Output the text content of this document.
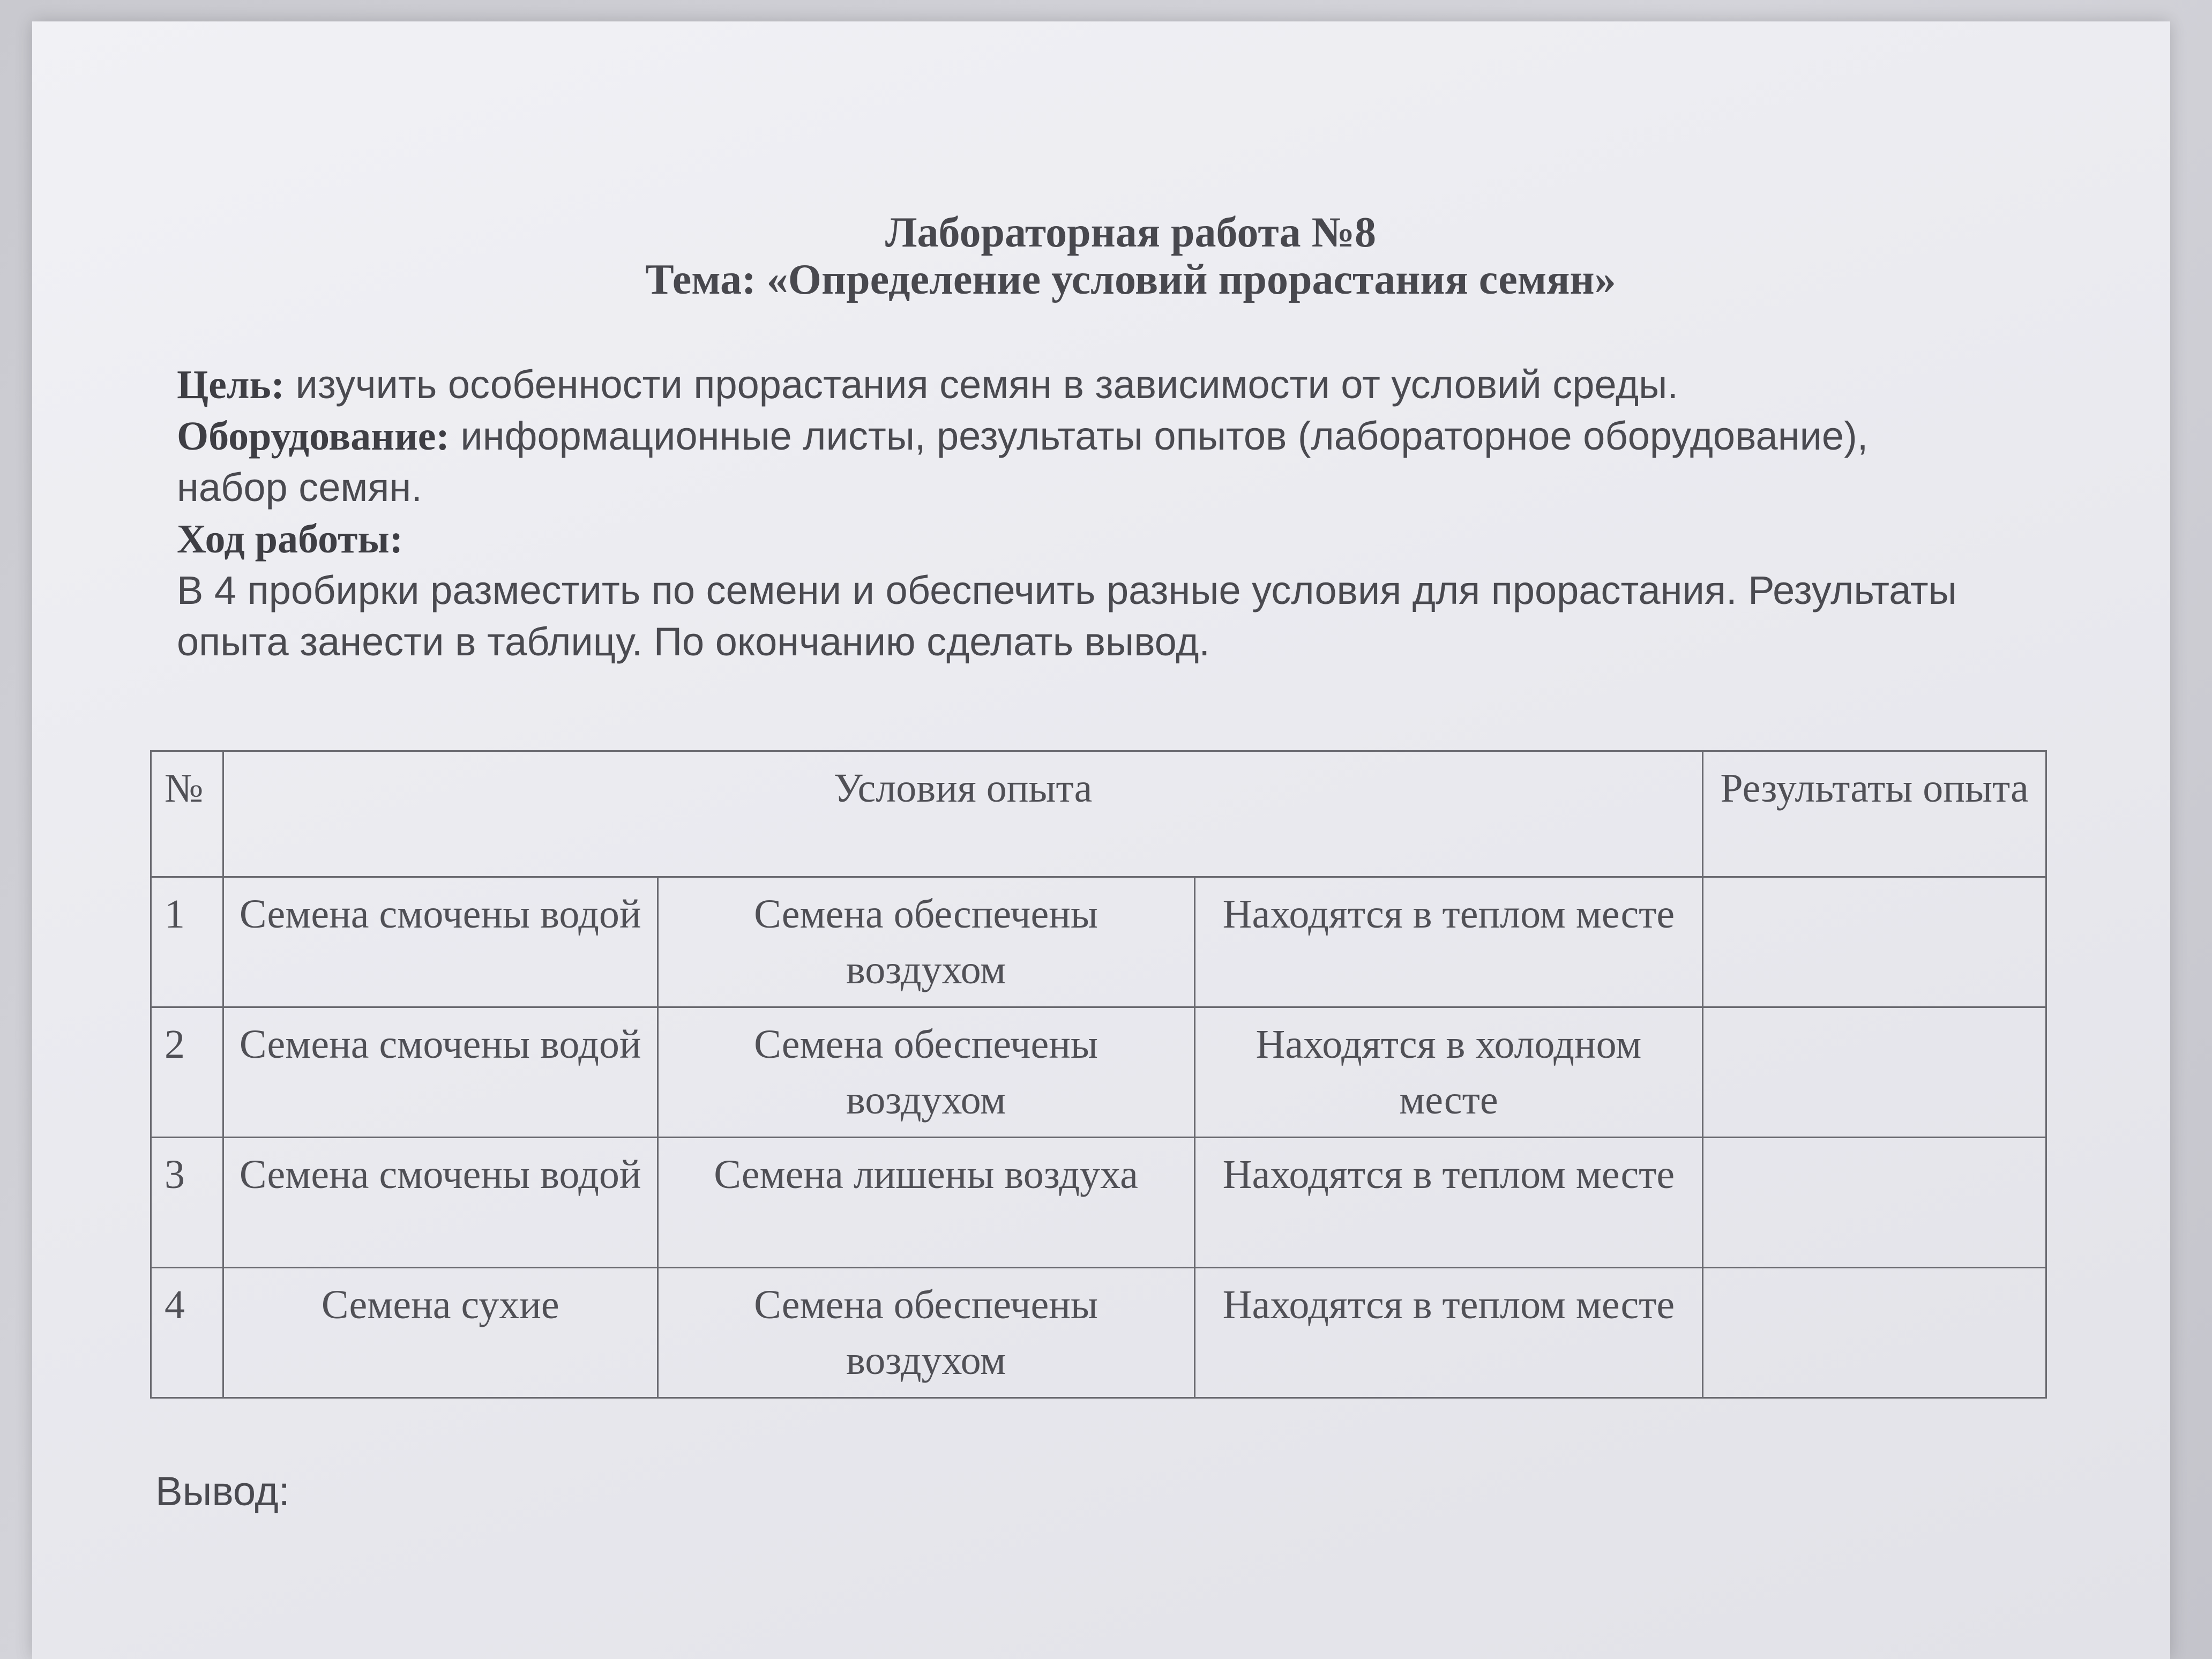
Лабораторная работа №8
Тема: «Определение условий прорастания семян»

Цель: изучить особенности прорастания семян в зависимости от условий среды.

Оборудование: информационные листы, результаты опытов (лабораторное оборудование), набор семян.

Ход работы:

В 4 пробирки разместить по семени и обеспечить разные условия для прорастания. Результаты опыта занести в таблицу. По окончанию сделать вывод.

№	Условия опыта			Результаты опыта
1	Семена смочены водой	Семена обеспечены воздухом	Находятся в теплом месте	
2	Семена смочены водой	Семена обеспечены воздухом	Находятся в холодном месте	
3	Семена смочены водой	Семена лишены воздуха	Находятся в теплом месте	
4	Семена сухие	Семена обеспечены воздухом	Находятся в теплом месте	
Вывод:
